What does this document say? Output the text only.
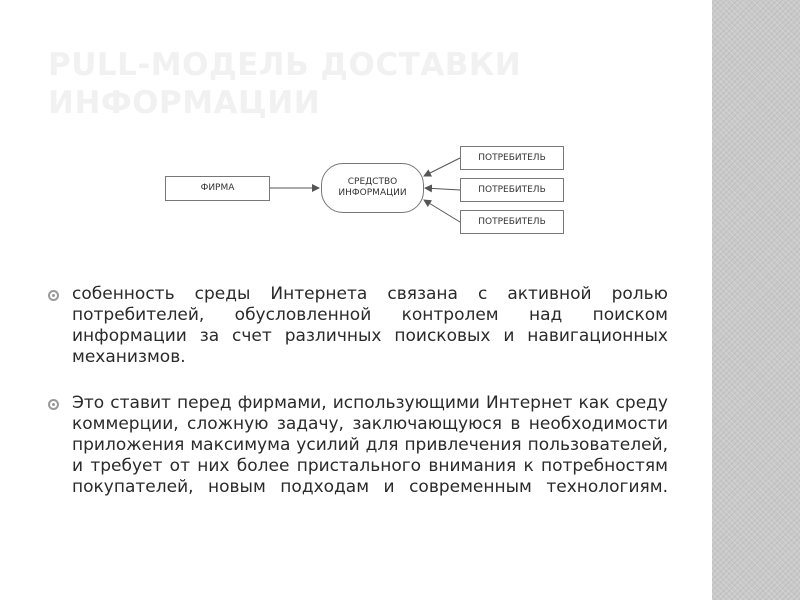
PULL-МОДЕЛЬ ДОСТАВКИ ИНФОРМАЦИИ
ФИРМА
СРЕДСТВО ИНФОРМАЦИИ
ПОТРЕБИТЕЛЬ
ПОТРЕБИТЕЛЬ
ПОТРЕБИТЕЛЬ
собенность среды Интернета связана с активной ролью потребителей, обусловленной контролем над поиском информации за счет различных поисковых и навигационных механизмов.
Это ставит перед фирмами, использующими Интернет как среду коммерции, сложную задачу, заключающуюся в необходимости приложения максимума усилий для привлечения пользователей, и требует от них более пристального внимания к потребностям покупателей, новым подходам и современным технологиям.
